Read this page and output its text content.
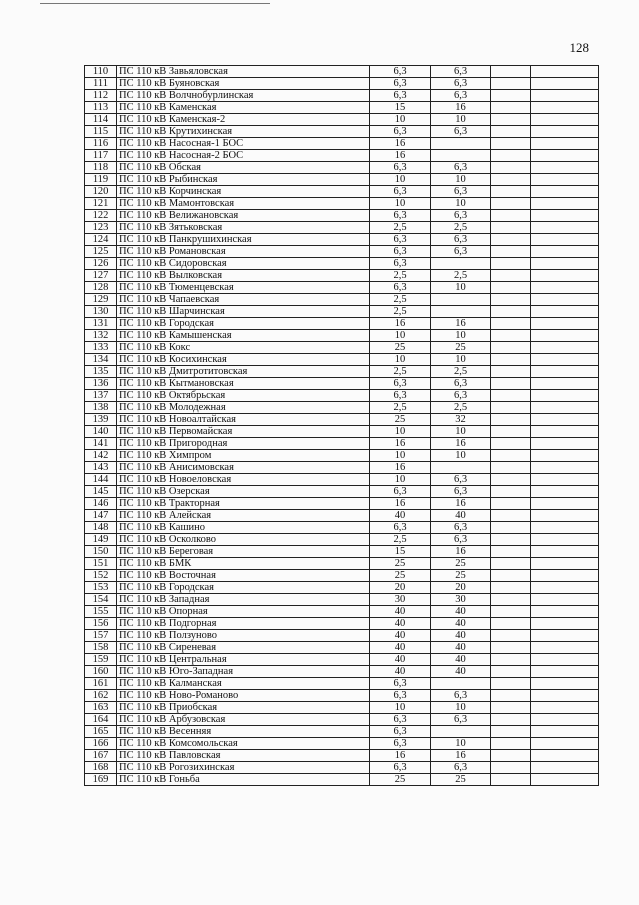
128
110	ПС 110 кВ Завьяловская	6,3	6,3		
111	ПС 110 кВ Буяновская	6,3	6,3		
112	ПС 110 кВ Волчнобурлинская	6,3	6,3		
113	ПС 110 кВ Каменская	15	16		
114	ПС 110 кВ Каменская-2	10	10		
115	ПС 110 кВ Крутихинская	6,3	6,3		
116	ПС 110 кВ Насосная-1 БОС	16			
117	ПС 110 кВ Насосная-2 БОС	16			
118	ПС 110 кВ Обская	6,3	6,3		
119	ПС 110 кВ Рыбинская	10	10		
120	ПС 110 кВ Корчинская	6,3	6,3		
121	ПС 110 кВ Мамонтовская	10	10		
122	ПС 110 кВ Велижановская	6,3	6,3		
123	ПС 110 кВ Зятьковская	2,5	2,5		
124	ПС 110 кВ Панкрушихинская	6,3	6,3		
125	ПС 110 кВ Романовская	6,3	6,3		
126	ПС 110 кВ Сидоровская	6,3			
127	ПС 110 кВ Вылковская	2,5	2,5		
128	ПС 110 кВ Тюменцевская	6,3	10		
129	ПС 110 кВ Чапаевская	2,5			
130	ПС 110 кВ Шарчинская	2,5			
131	ПС 110 кВ Городская	16	16		
132	ПС 110 кВ Камышенская	10	10		
133	ПС 110 кВ Кокс	25	25		
134	ПС 110 кВ Косихинская	10	10		
135	ПС 110 кВ Дмитротитовская	2,5	2,5		
136	ПС 110 кВ Кытмановская	6,3	6,3		
137	ПС 110 кВ Октябрьская	6,3	6,3		
138	ПС 110 кВ Молодежная	2,5	2,5		
139	ПС 110 кВ Новоалтайская	25	32		
140	ПС 110 кВ Первомайская	10	10		
141	ПС 110 кВ Пригородная	16	16		
142	ПС 110 кВ Химпром	10	10		
143	ПС 110 кВ Анисимовская	16			
144	ПС 110 кВ Новоеловская	10	6,3		
145	ПС 110 кВ Озерская	6,3	6,3		
146	ПС 110 кВ Тракторная	16	16		
147	ПС 110 кВ Алейская	40	40		
148	ПС 110 кВ Кашино	6,3	6,3		
149	ПС 110 кВ Осколково	2,5	6,3		
150	ПС 110 кВ Береговая	15	16		
151	ПС 110 кВ БМК	25	25		
152	ПС 110 кВ Восточная	25	25		
153	ПС 110 кВ Городская	20	20		
154	ПС 110 кВ Западная	30	30		
155	ПС 110 кВ Опорная	40	40		
156	ПС 110 кВ Подгорная	40	40		
157	ПС 110 кВ Ползуново	40	40		
158	ПС 110 кВ Сиреневая	40	40		
159	ПС 110 кВ Центральная	40	40		
160	ПС 110 кВ Юго-Западная	40	40		
161	ПС 110 кВ Калманская	6,3			
162	ПС 110 кВ Ново-Романово	6,3	6,3		
163	ПС 110 кВ Приобская	10	10		
164	ПС 110 кВ Арбузовская	6,3	6,3		
165	ПС 110 кВ Весенняя	6,3			
166	ПС 110 кВ Комсомольская	6,3	10		
167	ПС 110 кВ Павловская	16	16		
168	ПС 110 кВ Рогозихинская	6,3	6,3		
169	ПС 110 кВ Гоньба	25	25		
